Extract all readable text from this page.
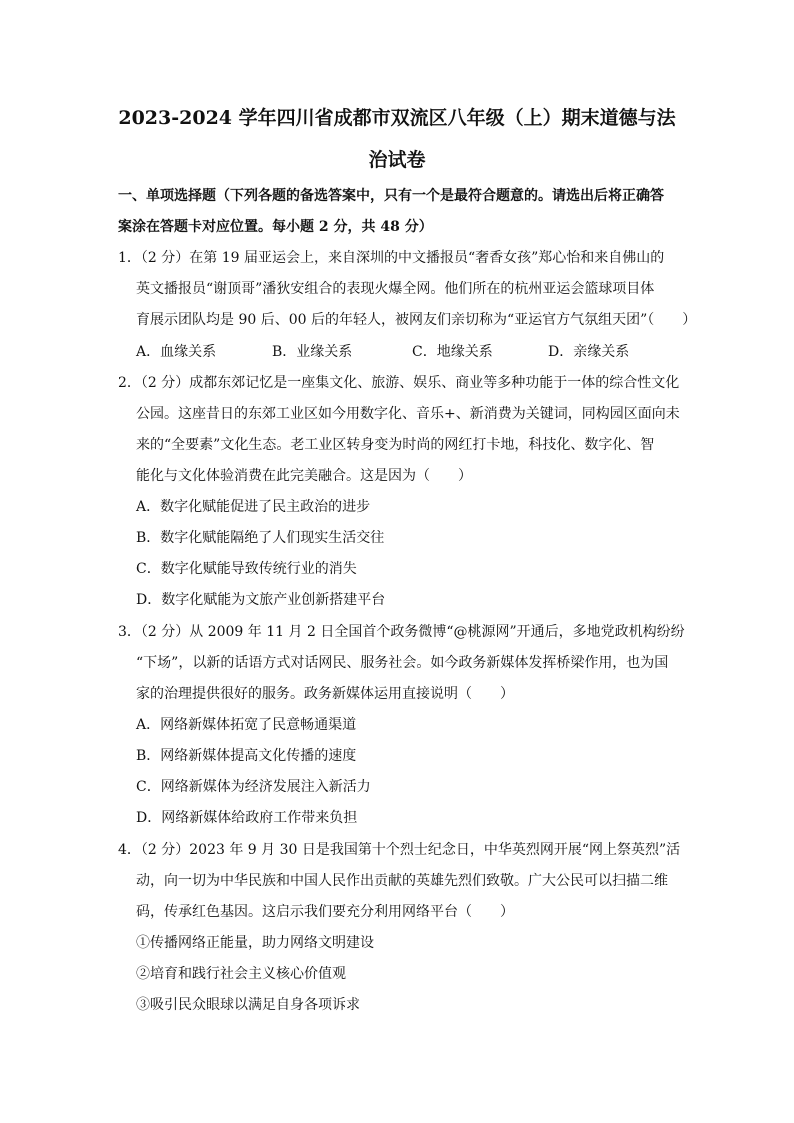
2023-2024 学年四川省成都市双流区八年级（上）期末道德与法
治试卷
一、单项选择题（下列各题的备选答案中，只有一个是最符合题意的。请选出后将正确答
案涂在答题卡对应位置。每小题 2 分，共 48 分）
1．（2 分）在第 19 届亚运会上，来自深圳的中文播报员“奢香女孩”郑心怡和来自佛山的
英文播报员“谢顶哥”潘狄安组合的表现火爆全网。他们所在的杭州亚运会篮球项目体
育展示团队均是 90 后、00 后的年轻人，被网友们亲切称为“亚运官方气氛组天团”（　　）
A．血缘关系	B．业缘关系	C．地缘关系	D．亲缘关系
2．（2 分）成都东郊记忆是一座集文化、旅游、娱乐、商业等多种功能于一体的综合性文化
公园。这座昔日的东郊工业区如今用数字化、音乐+、新消费为关键词，同构园区面向未
来的“全要素”文化生态。老工业区转身变为时尚的网红打卡地，科技化、数字化、智
能化与文化体验消费在此完美融合。这是因为（　　）
A．数字化赋能促进了民主政治的进步
B．数字化赋能隔绝了人们现实生活交往
C．数字化赋能导致传统行业的消失
D．数字化赋能为文旅产业创新搭建平台
3．（2 分）从 2009 年 11 月 2 日全国首个政务微博“@桃源网”开通后，多地党政机构纷纷
“下场”，以新的话语方式对话网民、服务社会。如今政务新媒体发挥桥梁作用，也为国
家的治理提供很好的服务。政务新媒体运用直接说明（　　）
A．网络新媒体拓宽了民意畅通渠道
B．网络新媒体提高文化传播的速度
C．网络新媒体为经济发展注入新活力
D．网络新媒体给政府工作带来负担
4．（2 分）2023 年 9 月 30 日是我国第十个烈士纪念日，中华英烈网开展“网上祭英烈”活
动，向一切为中华民族和中国人民作出贡献的英雄先烈们致敬。广大公民可以扫描二维
码，传承红色基因。这启示我们要充分利用网络平台（　　）
①传播网络正能量，助力网络文明建设
②培育和践行社会主义核心价值观
③吸引民众眼球以满足自身各项诉求
